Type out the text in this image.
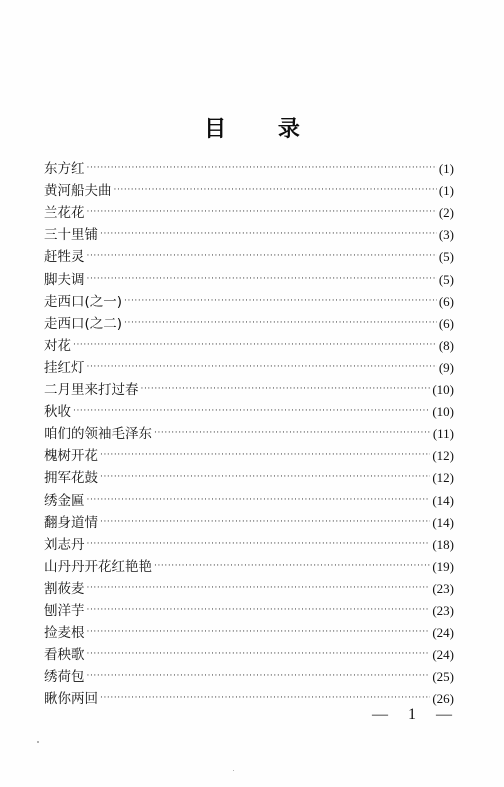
目 录
东方红 ·····	(1)
黄河船夫曲 ·····	(1)
兰花花 ·····	(2)
三十里铺 ·····	(3)
赶牲灵 ·····	(5)
脚夫调 ·····	(5)
走西口(之一) ·····	(6)
走西口(之二) ·····	(6)
对花 ·····	(8)
挂红灯 ·····	(9)
二月里来打过春 ·····	(10)
秋收 ·····	(10)
咱们的领袖毛泽东 ·····	(11)
槐树开花 ·····	(12)
拥军花鼓 ·····	(12)
绣金匾 ·····	(14)
翻身道情 ·····	(14)
刘志丹 ·····	(18)
山丹丹开花红艳艳 ·····	(19)
割莜麦 ·····	(23)
刨洋芋 ·····	(23)
捡麦根 ·····	(24)
看秧歌 ·····	(24)
绣荷包 ·····	(25)
瞅你两回 ·····	(26)
— 1 —
